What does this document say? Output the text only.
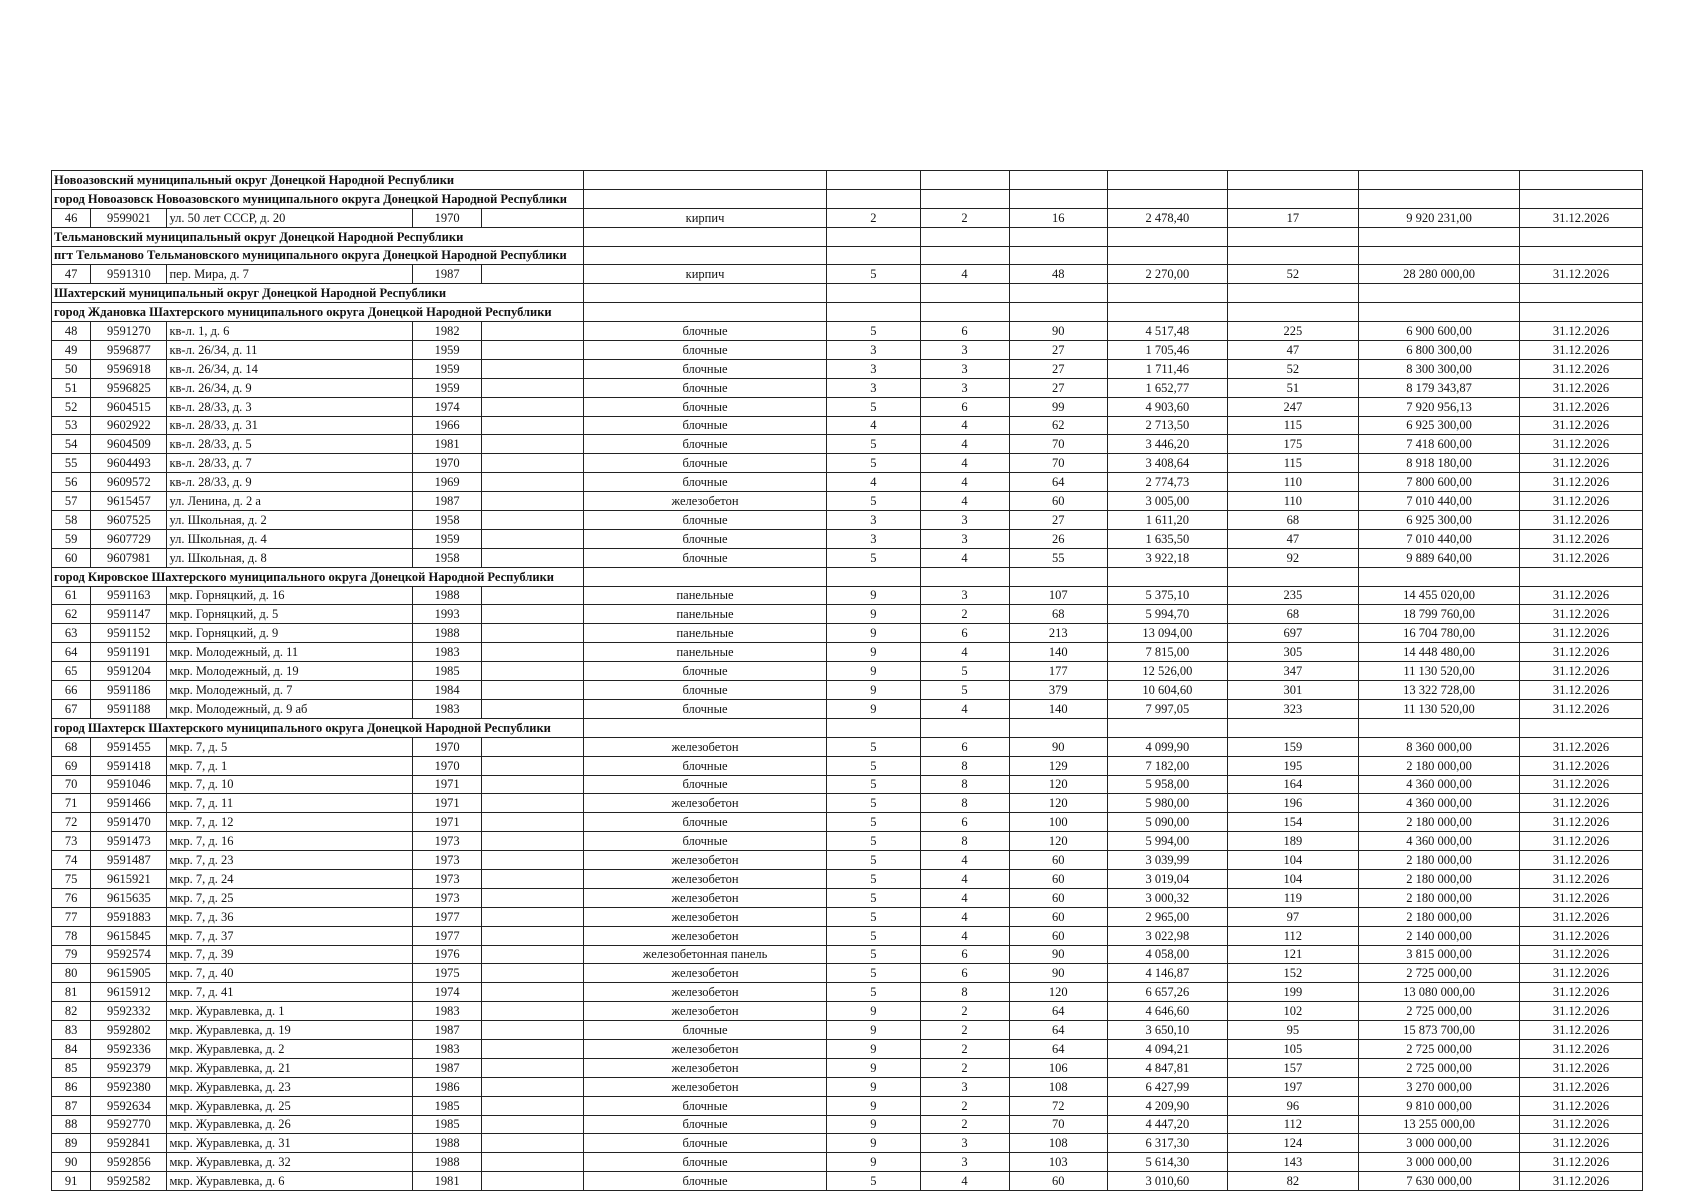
Новоазовский муниципальный округ Донецкой Народной Республики												
город Новоазовск Новоазовского муниципального округа Донецкой Народной Республики												
46	9599021	ул. 50 лет СССР, д. 20	1970		кирпич	2	2	16	2 478,40	17	9 920 231,00	31.12.2026
Тельмановский муниципальный округ Донецкой Народной Республики												
пгт Тельманово Тельмановского муниципального округа Донецкой Народной Республики												
47	9591310	пер. Мира, д. 7	1987		кирпич	5	4	48	2 270,00	52	28 280 000,00	31.12.2026
Шахтерский муниципальный округ Донецкой Народной Республики												
город Ждановка Шахтерского муниципального округа Донецкой Народной Республики												
48	9591270	кв-л. 1, д. 6	1982		блочные	5	6	90	4 517,48	225	6 900 600,00	31.12.2026
49	9596877	кв-л. 26/34, д. 11	1959		блочные	3	3	27	1 705,46	47	6 800 300,00	31.12.2026
50	9596918	кв-л. 26/34, д. 14	1959		блочные	3	3	27	1 711,46	52	8 300 300,00	31.12.2026
51	9596825	кв-л. 26/34, д. 9	1959		блочные	3	3	27	1 652,77	51	8 179 343,87	31.12.2026
52	9604515	кв-л. 28/33, д. 3	1974		блочные	5	6	99	4 903,60	247	7 920 956,13	31.12.2026
53	9602922	кв-л. 28/33, д. 31	1966		блочные	4	4	62	2 713,50	115	6 925 300,00	31.12.2026
54	9604509	кв-л. 28/33, д. 5	1981		блочные	5	4	70	3 446,20	175	7 418 600,00	31.12.2026
55	9604493	кв-л. 28/33, д. 7	1970		блочные	5	4	70	3 408,64	115	8 918 180,00	31.12.2026
56	9609572	кв-л. 28/33, д. 9	1969		блочные	4	4	64	2 774,73	110	7 800 600,00	31.12.2026
57	9615457	ул. Ленина, д. 2 а	1987		железобетон	5	4	60	3 005,00	110	7 010 440,00	31.12.2026
58	9607525	ул. Школьная, д. 2	1958		блочные	3	3	27	1 611,20	68	6 925 300,00	31.12.2026
59	9607729	ул. Школьная, д. 4	1959		блочные	3	3	26	1 635,50	47	7 010 440,00	31.12.2026
60	9607981	ул. Школьная, д. 8	1958		блочные	5	4	55	3 922,18	92	9 889 640,00	31.12.2026
город Кировское Шахтерского муниципального округа Донецкой Народной Республики												
61	9591163	мкр. Горняцкий, д. 16	1988		панельные	9	3	107	5 375,10	235	14 455 020,00	31.12.2026
62	9591147	мкр. Горняцкий, д. 5	1993		панельные	9	2	68	5 994,70	68	18 799 760,00	31.12.2026
63	9591152	мкр. Горняцкий, д. 9	1988		панельные	9	6	213	13 094,00	697	16 704 780,00	31.12.2026
64	9591191	мкр. Молодежный, д. 11	1983		панельные	9	4	140	7 815,00	305	14 448 480,00	31.12.2026
65	9591204	мкр. Молодежный, д. 19	1985		блочные	9	5	177	12 526,00	347	11 130 520,00	31.12.2026
66	9591186	мкр. Молодежный, д. 7	1984		блочные	9	5	379	10 604,60	301	13 322 728,00	31.12.2026
67	9591188	мкр. Молодежный, д. 9 аб	1983		блочные	9	4	140	7 997,05	323	11 130 520,00	31.12.2026
город Шахтерск Шахтерского муниципального округа Донецкой Народной Республики												
68	9591455	мкр. 7, д. 5	1970		железобетон	5	6	90	4 099,90	159	8 360 000,00	31.12.2026
69	9591418	мкр. 7, д. 1	1970		блочные	5	8	129	7 182,00	195	2 180 000,00	31.12.2026
70	9591046	мкр. 7, д. 10	1971		блочные	5	8	120	5 958,00	164	4 360 000,00	31.12.2026
71	9591466	мкр. 7, д. 11	1971		железобетон	5	8	120	5 980,00	196	4 360 000,00	31.12.2026
72	9591470	мкр. 7, д. 12	1971		блочные	5	6	100	5 090,00	154	2 180 000,00	31.12.2026
73	9591473	мкр. 7, д. 16	1973		блочные	5	8	120	5 994,00	189	4 360 000,00	31.12.2026
74	9591487	мкр. 7, д. 23	1973		железобетон	5	4	60	3 039,99	104	2 180 000,00	31.12.2026
75	9615921	мкр. 7, д. 24	1973		железобетон	5	4	60	3 019,04	104	2 180 000,00	31.12.2026
76	9615635	мкр. 7, д. 25	1973		железобетон	5	4	60	3 000,32	119	2 180 000,00	31.12.2026
77	9591883	мкр. 7, д. 36	1977		железобетон	5	4	60	2 965,00	97	2 180 000,00	31.12.2026
78	9615845	мкр. 7, д. 37	1977		железобетон	5	4	60	3 022,98	112	2 140 000,00	31.12.2026
79	9592574	мкр. 7, д. 39	1976		железобетонная панель	5	6	90	4 058,00	121	3 815 000,00	31.12.2026
80	9615905	мкр. 7, д. 40	1975		железобетон	5	6	90	4 146,87	152	2 725 000,00	31.12.2026
81	9615912	мкр. 7, д. 41	1974		железобетон	5	8	120	6 657,26	199	13 080 000,00	31.12.2026
82	9592332	мкр. Журавлевка, д. 1	1983		железобетон	9	2	64	4 646,60	102	2 725 000,00	31.12.2026
83	9592802	мкр. Журавлевка, д. 19	1987		блочные	9	2	64	3 650,10	95	15 873 700,00	31.12.2026
84	9592336	мкр. Журавлевка, д. 2	1983		железобетон	9	2	64	4 094,21	105	2 725 000,00	31.12.2026
85	9592379	мкр. Журавлевка, д. 21	1987		железобетон	9	2	106	4 847,81	157	2 725 000,00	31.12.2026
86	9592380	мкр. Журавлевка, д. 23	1986		железобетон	9	3	108	6 427,99	197	3 270 000,00	31.12.2026
87	9592634	мкр. Журавлевка, д. 25	1985		блочные	9	2	72	4 209,90	96	9 810 000,00	31.12.2026
88	9592770	мкр. Журавлевка, д. 26	1985		блочные	9	2	70	4 447,20	112	13 255 000,00	31.12.2026
89	9592841	мкр. Журавлевка, д. 31	1988		блочные	9	3	108	6 317,30	124	3 000 000,00	31.12.2026
90	9592856	мкр. Журавлевка, д. 32	1988		блочные	9	3	103	5 614,30	143	3 000 000,00	31.12.2026
91	9592582	мкр. Журавлевка, д. 6	1981		блочные	5	4	60	3 010,60	82	7 630 000,00	31.12.2026
